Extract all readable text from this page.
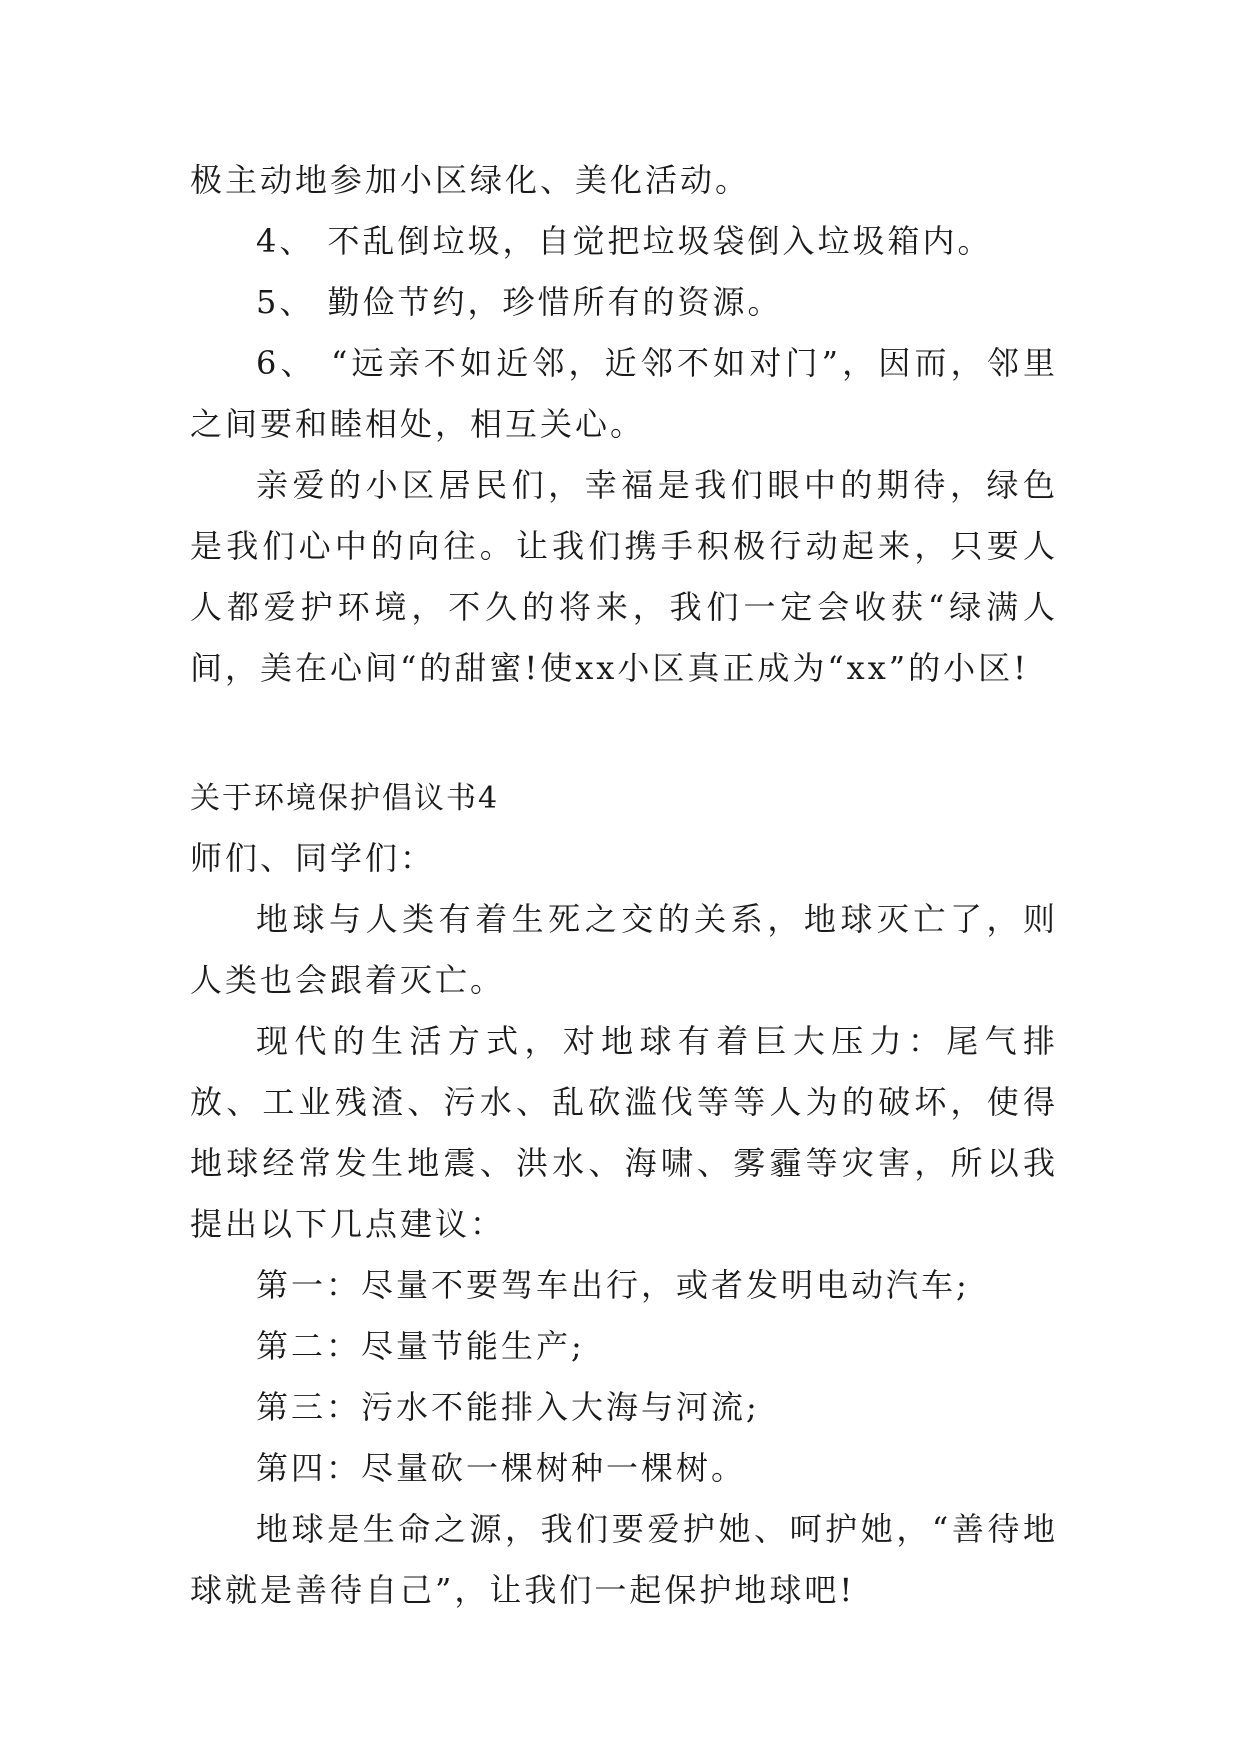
极主动地参加小区绿化、美化活动。

4、 不乱倒垃圾，自觉把垃圾袋倒入垃圾箱内。

5、 勤俭节约，珍惜所有的资源。

6、 “远亲不如近邻，近邻不如对门”，因而，邻里之间要和睦相处，相互关心。

亲爱的小区居民们，幸福是我们眼中的期待，绿色是我们心中的向往。让我们携手积极行动起来，只要人人都爱护环境，不久的将来，我们一定会收获“绿满人间，美在心间“的甜蜜!使xx小区真正成为“xx”的小区!

关于环境保护倡议书4

师们、同学们：

地球与人类有着生死之交的关系，地球灭亡了，则人类也会跟着灭亡。

现代的生活方式，对地球有着巨大压力：尾气排放、工业残渣、污水、乱砍滥伐等等人为的破坏，使得地球经常发生地震、洪水、海啸、雾霾等灾害，所以我提出以下几点建议：

第一：尽量不要驾车出行，或者发明电动汽车;

第二：尽量节能生产;

第三：污水不能排入大海与河流;

第四：尽量砍一棵树种一棵树。

地球是生命之源，我们要爱护她、呵护她，“善待地球就是善待自己”，让我们一起保护地球吧!
